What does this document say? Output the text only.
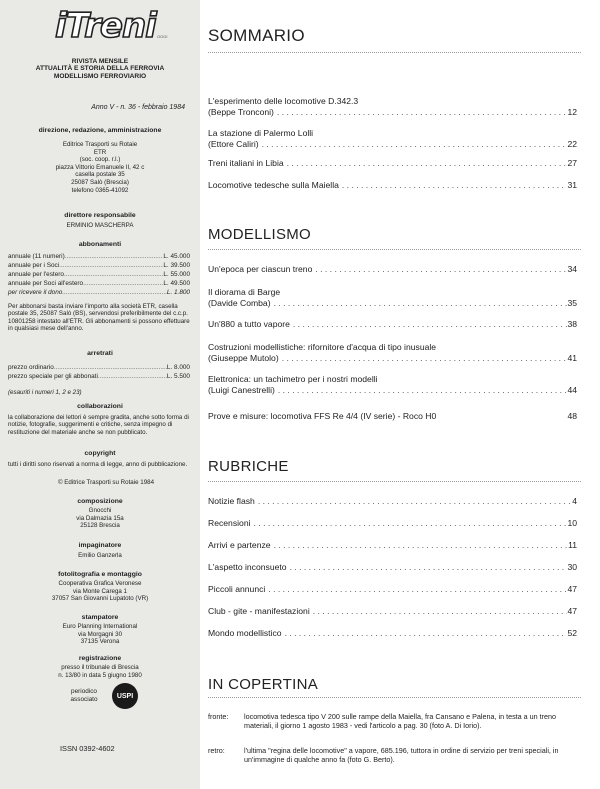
iTreni OGGI
RIVISTA MENSILE
ATTUALITÀ E STORIA DELLA FERROVIA
MODELLISMO FERROVIARIO
Anno V - n. 36 - febbraio 1984
direzione, redazione, amministrazione
Editrice Trasporti su Rotaie
ETR
(soc. coop. r.l.)
piazza Vittorio Emanuele II, 42 c
casella postale 35
25087 Salò (Brescia)
telefono 0365-41092
direttore responsabile
ERMINIO MASCHERPA
abbonamenti
annuale (11 numeri) .....	L. 45.000
annuale per i Soci .....	L. 39.500
annuale per l'estero .....	L. 55.000
annuale per Soci all'estero .....	L. 49.500
per ricevere il dono .....	L. 1.800
Per abbonarsi basta inviare l'importo alla società ETR, casella postale 35, 25087 Salò (BS), servendosi preferibilmente del c.c.p. 10801258 intestato all'ETR. Gli abbonamenti si possono effettuare in qualsiasi mese dell'anno.
arretrati
prezzo ordinario .....	L. 8.000
prezzo speciale per gli abbonati .....	L. 5.500
(esauriti i numeri 1, 2 e 23)
collaborazioni
la collaborazione dei lettori è sempre gradita, anche sotto forma di notizie, fotografie, suggerimenti e critiche, senza impegno di restituzione del materiale anche se non pubblicato.
copyright
tutti i diritti sono riservati a norma di legge, anno di pubblicazione.
© Editrice Trasporti su Rotaie 1984
composizione
Gnocchi
via Dalmazia 15a
25128 Brescia
impaginatore
Emilio Ganzerla
fotolitografia e montaggio
Cooperativa Grafica Veronese
via Monte Carega 1
37057 San Giovanni Lupatoto (VR)
stampatore
Euro Planning International
via Morgagni 30
37135 Verona
registrazione
presso il tribunale di Brescia
n. 13/80 in data 5 giugno 1980
periodico
associato	USPI
ISSN 0392-4602
SOMMARIO
L'esperimento delle locomotive D.342.3
(Beppe Tronconi) . . .	12
La stazione di Palermo Lolli
(Ettore Caliri) . . .	22
Treni italiani in Libia . . .	27
Locomotive tedesche sulla Maiella . . .	31
MODELLISMO
Un'epoca per ciascun treno . . .	34
Il diorama di Barge
(Davide Comba) . . .	35
Un'880 a tutto vapore . . .	38
Costruzioni modellistiche: rifornitore d'acqua di tipo inusuale
(Giuseppe Mutolo) . . .	41
Elettronica: un tachimetro per i nostri modelli
(Luigi Canestrelli) . . .	44
Prove e misure: locomotiva FFS Re 4/4 (IV serie) - Roco H0	48
RUBRICHE
Notizie flash . . .	4
Recensioni . . .	10
Arrivi e partenze . . .	11
L'aspetto inconsueto . . .	30
Piccoli annunci . . .	47
Club - gite - manifestazioni . . .	47
Mondo modellistico . . .	52
IN COPERTINA
fronte:	locomotiva tedesca tipo V 200 sulle rampe della Maiella, fra Cansano e Palena, in testa a un treno materiali, il giorno 1 agosto 1983 - vedi l'articolo a pag. 30 (foto A. Di Iorio).
retro:	l'ultima "regina delle locomotive" a vapore, 685.196, tuttora in ordine di servizio per treni speciali, in un'immagine di qualche anno fa (foto G. Berto).
